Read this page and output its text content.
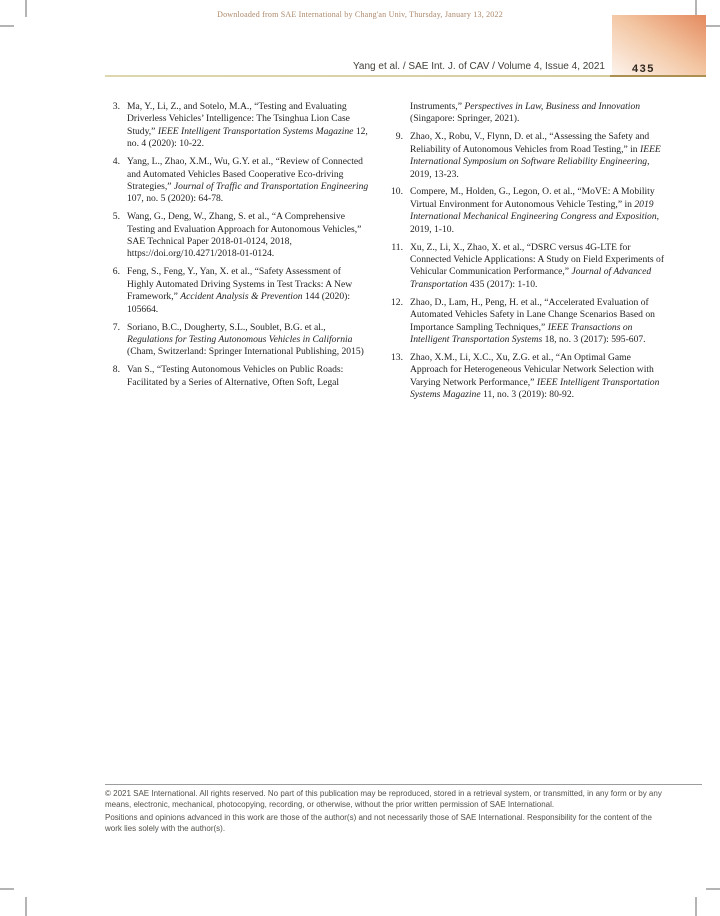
Downloaded from SAE International by Chang'an Univ, Thursday, January 13, 2022
435
Yang et al. / SAE Int. J. of CAV / Volume 4, Issue 4, 2021
3. Ma, Y., Li, Z., and Sotelo, M.A., “Testing and Evaluating Driverless Vehicles’ Intelligence: The Tsinghua Lion Case Study,” IEEE Intelligent Transportation Systems Magazine 12, no. 4 (2020): 10-22.
4. Yang, L., Zhao, X.M., Wu, G.Y. et al., “Review of Connected and Automated Vehicles Based Cooperative Eco-driving Strategies,” Journal of Traffic and Transportation Engineering 107, no. 5 (2020): 64-78.
5. Wang, G., Deng, W., Zhang, S. et al., “A Comprehensive Testing and Evaluation Approach for Autonomous Vehicles,” SAE Technical Paper 2018-01-0124, 2018, https://doi.org/10.4271/2018-01-0124.
6. Feng, S., Feng, Y., Yan, X. et al., “Safety Assessment of Highly Automated Driving Systems in Test Tracks: A New Framework,” Accident Analysis & Prevention 144 (2020): 105664.
7. Soriano, B.C., Dougherty, S.L., Soublet, B.G. et al., Regulations for Testing Autonomous Vehicles in California (Cham, Switzerland: Springer International Publishing, 2015)
8. Van S., “Testing Autonomous Vehicles on Public Roads: Facilitated by a Series of Alternative, Often Soft, Legal
Instruments,” Perspectives in Law, Business and Innovation (Singapore: Springer, 2021).
9. Zhao, X., Robu, V., Flynn, D. et al., “Assessing the Safety and Reliability of Autonomous Vehicles from Road Testing,” in IEEE International Symposium on Software Reliability Engineering, 2019, 13-23.
10. Compere, M., Holden, G., Legon, O. et al., “MoVE: A Mobility Virtual Environment for Autonomous Vehicle Testing,” in 2019 International Mechanical Engineering Congress and Exposition, 2019, 1-10.
11. Xu, Z., Li, X., Zhao, X. et al., “DSRC versus 4G-LTE for Connected Vehicle Applications: A Study on Field Experiments of Vehicular Communication Performance,” Journal of Advanced Transportation 435 (2017): 1-10.
12. Zhao, D., Lam, H., Peng, H. et al., “Accelerated Evaluation of Automated Vehicles Safety in Lane Change Scenarios Based on Importance Sampling Techniques,” IEEE Transactions on Intelligent Transportation Systems 18, no. 3 (2017): 595-607.
13. Zhao, X.M., Li, X.C., Xu, Z.G. et al., “An Optimal Game Approach for Heterogeneous Vehicular Network Selection with Varying Network Performance,” IEEE Intelligent Transportation Systems Magazine 11, no. 3 (2019): 80-92.
© 2021 SAE International. All rights reserved. No part of this publication may be reproduced, stored in a retrieval system, or transmitted, in any form or by any means, electronic, mechanical, photocopying, recording, or otherwise, without the prior written permission of SAE International.
Positions and opinions advanced in this work are those of the author(s) and not necessarily those of SAE International. Responsibility for the content of the work lies solely with the author(s).
